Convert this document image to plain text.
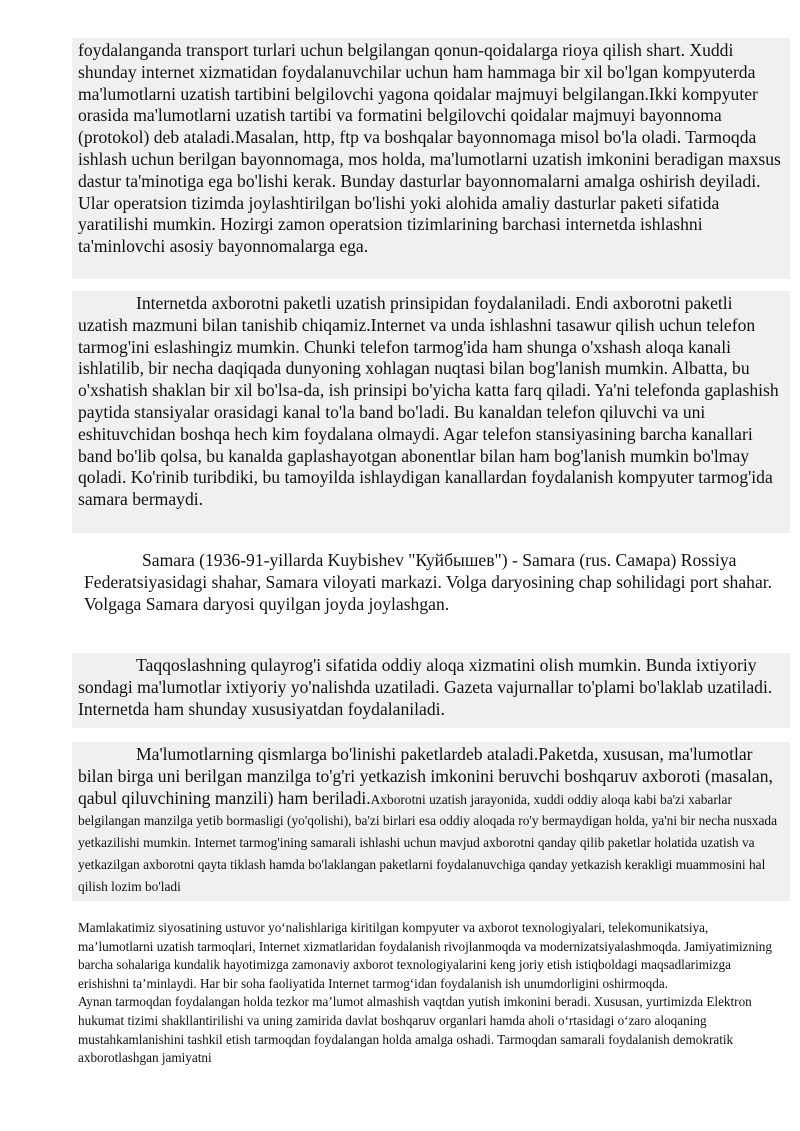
foydalanganda transport turlari uchun belgilangan qonun-qoidalarga rioya qilish shart. Xuddi shunday internet xizmatidan foydalanuvchilar uchun ham hammaga bir xil bo'lgan kompyuterda ma'lumotlarni uzatish tartibini belgilovchi yagona qoidalar majmuyi belgilangan.Ikki kompyuter orasida ma'lumotlarni uzatish tartibi va formatini belgilovchi qoidalar majmuyi bayonnoma (protokol) deb ataladi.Masalan, http, ftp va boshqalar bayonnomaga misol bo'la oladi. Tarmoqda ishlash uchun berilgan bayonnomaga, mos holda, ma'lumotlarni uzatish imkonini beradigan maxsus dastur ta'minotiga ega bo'lishi kerak. Bunday dasturlar bayonnomalarni amalga oshirish deyiladi. Ular operatsion tizimda joylashtirilgan bo'lishi yoki alohida amaliy dasturlar paketi sifatida yaratilishi mumkin. Hozirgi zamon operatsion tizimlarining barchasi internetda ishlashni ta'minlovchi asosiy bayonnomalarga ega.

Internetda axborotni paketli uzatish prinsipidan foydalaniladi. Endi axborotni paketli uzatish mazmuni bilan tanishib chiqamiz.Internet va unda ishlashni tasawur qilish uchun telefon tarmog'ini eslashingiz mumkin. Chunki telefon tarmog'ida ham shunga o'xshash aloqa kanali ishlatilib, bir necha daqiqada dunyoning xohlagan nuqtasi bilan bog'lanish mumkin. Albatta, bu o'xshatish shaklan bir xil bo'lsa-da, ish prinsipi bo'yicha katta farq qiladi. Ya'ni telefonda gaplashish paytida stansiyalar orasidagi kanal to'la band bo'ladi. Bu kanaldan telefon qiluvchi va uni eshituvchidan boshqa hech kim foydalana olmaydi. Agar telefon stansiyasining barcha kanallari band bo'lib qolsa, bu kanalda gaplashayotgan abonentlar bilan ham bog'lanish mumkin bo'lmay qoladi. Ko'rinib turibdiki, bu tamoyilda ishlaydigan kanallardan foydalanish kompyuter tarmog'ida samara bermaydi.

Samara (1936-91-yillarda Kuybishev "Куйбышев") - Samara (rus. Самара) Rossiya Federatsiyasidagi shahar, Samara viloyati markazi. Volga daryosining chap sohilidagi port shahar. Volgaga Samara daryosi quyilgan joyda joylashgan.

Taqqoslashning qulayrog'i sifatida oddiy aloqa xizmatini olish mumkin. Bunda ixtiyoriy sondagi ma'lumotlar ixtiyoriy yo'nalishda uzatiladi. Gazeta vajurnallar to'plami bo'laklab uzatiladi. Internetda ham shunday xususiyatdan foydalaniladi.

Ma'lumotlarning qismlarga bo'linishi paketlardeb ataladi.Paketda, xususan, ma'lumotlar bilan birga uni berilgan manzilga to'g'ri yetkazish imkonini beruvchi boshqaruv axboroti (masalan, qabul qiluvchining manzili) ham beriladi.Axborotni uzatish jarayonida, xuddi oddiy aloqa kabi ba'zi xabarlar belgilangan manzilga yetib bormasligi (yo'qolishi), ba'zi birlari esa oddiy aloqada ro'y bermaydigan holda, ya'ni bir necha nusxada yetkazilishi mumkin. Internet tarmog'ining samarali ishlashi uchun mavjud axborotni qanday qilib paketlar holatida uzatish va yetkazilgan axborotni qayta tiklash hamda bo'laklangan paketlarni foydalanuvchiga qanday yetkazish kerakligi muammosini hal qilish lozim bo'ladi

Mamlakatimiz siyosatining ustuvor yoʻnalishlariga kiritilgan kompyuter va axborot texnologiyalari, telekomunikatsiya, maʼlumotlarni uzatish tarmoqlari, Internet xizmatlaridan foydalanish rivojlanmoqda va modernizatsiyalashmoqda. Jamiyatimizning barcha sohalariga kundalik hayotimizga zamonaviy axborot texnologiyalarini keng joriy etish istiqboldagi maqsadlarimizga erishishni taʼminlaydi. Har bir soha faoliyatida Internet tarmogʻidan foydalanish ish unumdorligini oshirmoqda.

Aynan tarmoqdan foydalangan holda tezkor maʼlumot almashish vaqtdan yutish imkonini beradi. Xususan, yurtimizda Elektron hukumat tizimi shakllantirilishi va uning zamirida davlat boshqaruv organlari hamda aholi oʻrtasidagi oʻzaro aloqaning mustahkamlanishini tashkil etish tarmoqdan foydalangan holda amalga oshadi. Tarmoqdan samarali foydalanish demokratik axborotlashgan jamiyatni
